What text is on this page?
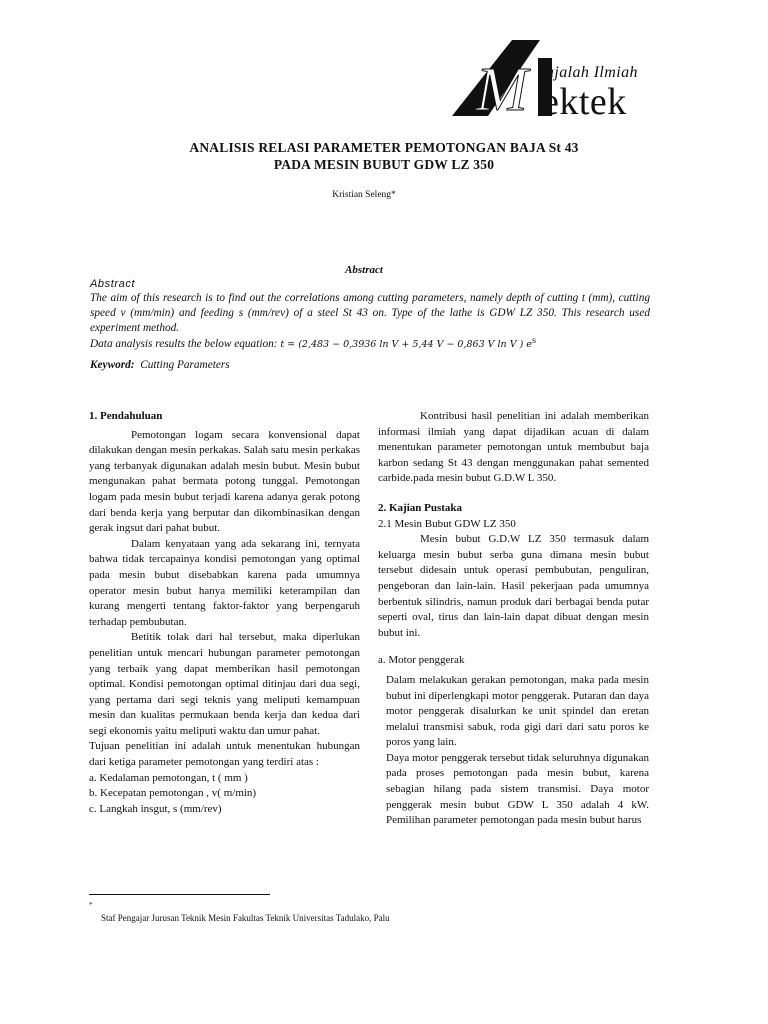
M ajalah Ilmiah
ektek
ANALISIS RELASI PARAMETER PEMOTONGAN BAJA St 43
PADA MESIN BUBUT GDW LZ 350
Kristian Seleng*
Abstract
Abstract

The aim of this research is to find out the correlations among cutting parameters, namely depth of cutting t (mm), cutting speed v (mm/min) and feeding s (mm/rev) of a steel St 43 on. Type of the lathe is GDW LZ 350. This research used experiment method.

Data analysis results the below equation: t = (2,483 − 0,3936 ln V + 5,44 V − 0,863 V ln V ) $e^s$

Keyword: Cutting Parameters

1. Pendahuluan

Pemotongan logam secara konvensional dapat dilakukan dengan mesin perkakas. Salah satu mesin perkakas yang terbanyak digunakan adalah mesin bubut. Mesin bubut mengunakan pahat bermata potong tunggal. Pemotongan logam pada mesin bubut terjadi karena adanya gerak potong dari benda kerja yang berputar dan dikombinasikan dengan gerak ingsut dari pahat bubut.

Dalam kenyataan yang ada sekarang ini, ternyata bahwa tidak tercapainya kondisi pemotongan yang optimal pada mesin bubut disebabkan karena pada umumnya operator mesin bubut hanya memiliki keterampilan dan kurang mengerti tentang faktor-faktor yang berpengaruh terhadap pembubutan.

Betitik tolak dari hal tersebut, maka diperlukan penelitian untuk mencari hubungan parameter pemotongan yang terbaik yang dapat memberikan hasil pemotongan optimal. Kondisi pemotongan optimal ditinjau dari dua segi, yang pertama dari segi teknis yang meliputi kemampuan mesin dan kualitas permukaan benda kerja dan kedua dari segi ekonomis yaitu meliputi waktu dan umur pahat.

Tujuan penelitian ini adalah untuk menentukan hubungan dari ketiga parameter pemotongan yang terdiri atas :

a. Kedalaman pemotongan, t ( mm )

b. Kecepatan pemotongan , v( m/min)

c. Langkah insgut, s (mm/rev)

Kontribusi hasil penelitian ini adalah memberikan informasi ilmiah yang dapat dijadikan acuan di dalam menentukan parameter pemotongan untuk membubut baja karbon sedang St 43 dengan menggunakan pahat semented carbide.pada mesin bubut G.D.W L 350.

2. Kajian Pustaka

2.1 Mesin Bubut GDW LZ 350

Mesin bubut G.D.W LZ 350 termasuk dalam keluarga mesin bubut serba guna dimana mesin bubut tersebut didesain untuk operasi pembubutan, penguliran, pengeboran dan lain-lain. Hasil pekerjaan pada umumnya berbentuk silindris, namun produk dari berbagai benda putar seperti oval, tirus dan lain-lain dapat dibuat dengan mesin bubut ini.

a. Motor penggerak

Dalam melakukan gerakan pemotongan, maka pada mesin bubut ini diperlengkapi motor penggerak. Putaran dan daya motor penggerak disalurkan ke unit spindel dan eretan melalui transmisi sabuk, roda gigi dari dari satu poros ke poros yang lain.

Daya motor penggerak tersebut tidak seluruhnya digunakan pada proses pemotongan pada mesin bubut, karena sebagian hilang pada sistem transmisi. Daya motor penggerak mesin bubut GDW L 350 adalah 4 kW. Pemilihan parameter pemotongan pada mesin bubut harus

*
Staf Pengajar Jurusan Teknik Mesin Fakultas Teknik Universitas Tadulako, Palu
